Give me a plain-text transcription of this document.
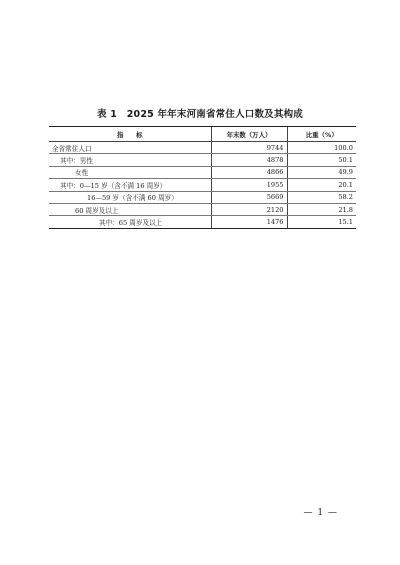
表 1　2025 年年末河南省常住人口数及其构成
指　　标	年末数（万人）	比重（%）
全省常住人口	9744	100.0
其中：男性	4878	50.1
女性	4866	49.9
其中：0—15 岁（含不满 16 周岁）	1955	20.1
16—59 岁（含不满 60 周岁）	5669	58.2
60 周岁及以上	2120	21.8
其中：65 周岁及以上	1476	15.1
— 1 —
